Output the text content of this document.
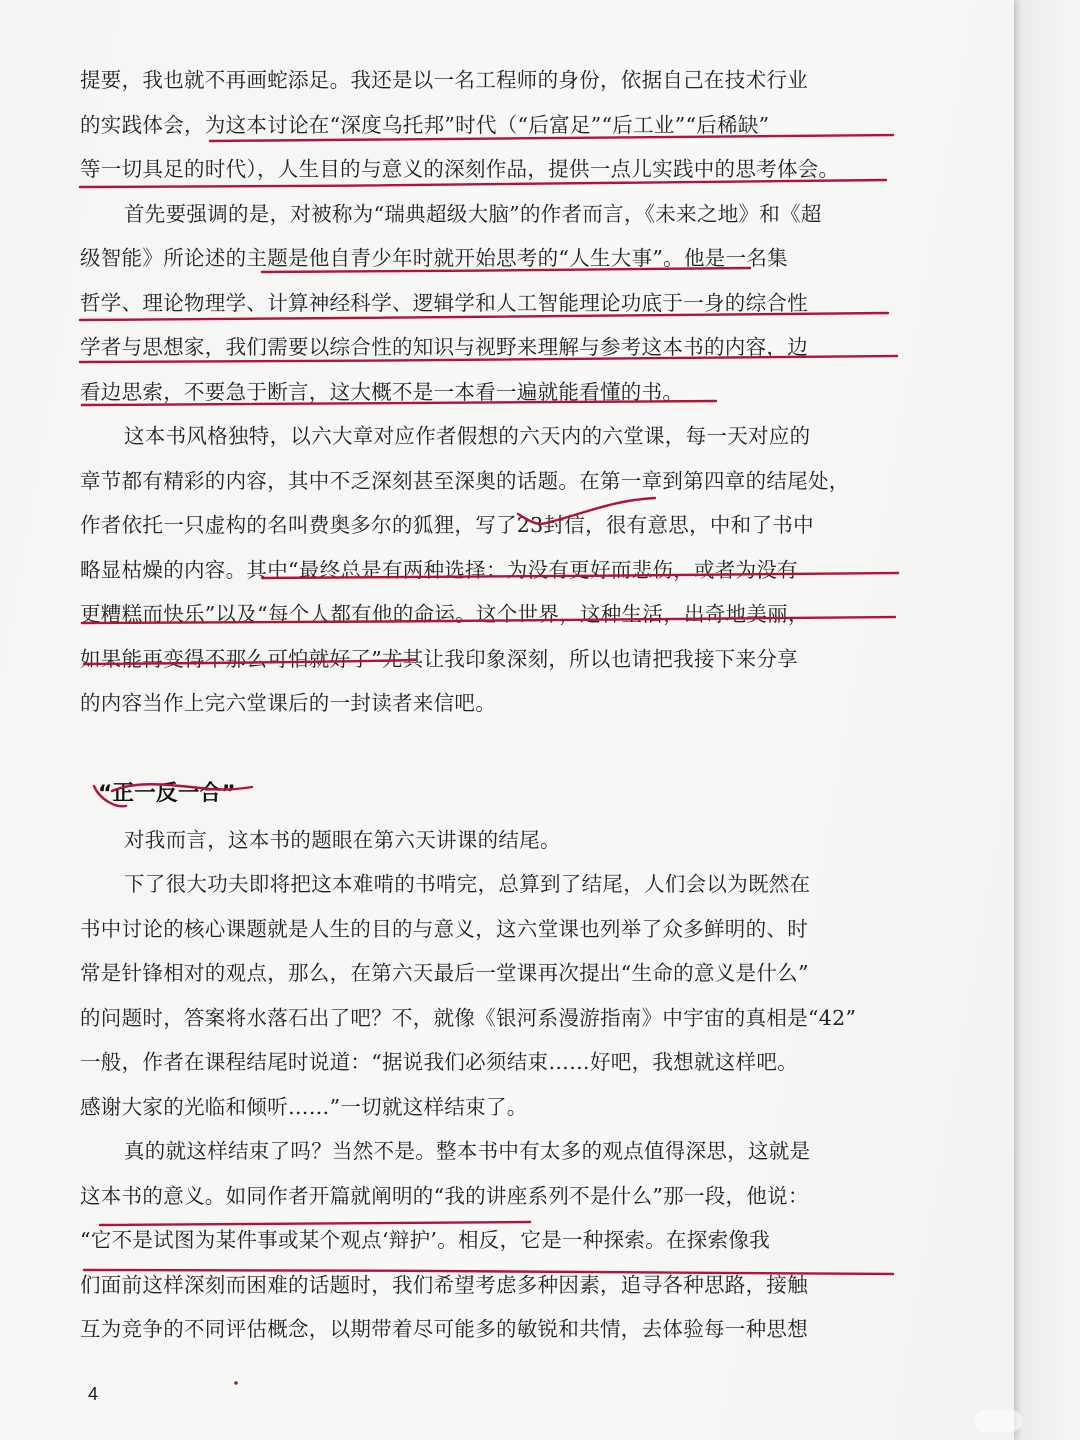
提要，我也就不再画蛇添足。我还是以一名工程师的身份，依据自己在技术行业
的实践体会，为这本讨论在“深度乌托邦”时代（“后富足”“后工业”“后稀缺”
等一切具足的时代），人生目的与意义的深刻作品，提供一点儿实践中的思考体会。
首先要强调的是，对被称为“瑞典超级大脑”的作者而言，《未来之地》和《超
级智能》所论述的主题是他自青少年时就开始思考的“人生大事”。他是一名集
哲学、理论物理学、计算神经科学、逻辑学和人工智能理论功底于一身的综合性
学者与思想家，我们需要以综合性的知识与视野来理解与参考这本书的内容，边
看边思索，不要急于断言，这大概不是一本看一遍就能看懂的书。
这本书风格独特，以六大章对应作者假想的六天内的六堂课，每一天对应的
章节都有精彩的内容，其中不乏深刻甚至深奥的话题。在第一章到第四章的结尾处，
作者依托一只虚构的名叫费奥多尔的狐狸，写了23封信，很有意思，中和了书中
略显枯燥的内容。其中“最终总是有两种选择：为没有更好而悲伤，或者为没有
更糟糕而快乐”以及“每个人都有他的命运。这个世界，这种生活，出奇地美丽，
如果能再变得不那么可怕就好了”尤其让我印象深刻，所以也请把我接下来分享
的内容当作上完六堂课后的一封读者来信吧。
“正一反一合”
对我而言，这本书的题眼在第六天讲课的结尾。
下了很大功夫即将把这本难啃的书啃完，总算到了结尾，人们会以为既然在
书中讨论的核心课题就是人生的目的与意义，这六堂课也列举了众多鲜明的、时
常是针锋相对的观点，那么，在第六天最后一堂课再次提出“生命的意义是什么”
的问题时，答案将水落石出了吧？不，就像《银河系漫游指南》中宇宙的真相是“42”
一般，作者在课程结尾时说道：“据说我们必须结束……好吧，我想就这样吧。
感谢大家的光临和倾听……”一切就这样结束了。
真的就这样结束了吗？当然不是。整本书中有太多的观点值得深思，这就是
这本书的意义。如同作者开篇就阐明的“我的讲座系列不是什么”那一段，他说：
“它不是试图为某件事或某个观点‘辩护’。相反，它是一种探索。在探索像我
们面前这样深刻而困难的话题时，我们希望考虑多种因素，追寻各种思路，接触
互为竞争的不同评估概念，以期带着尽可能多的敏锐和共情，去体验每一种思想
4
